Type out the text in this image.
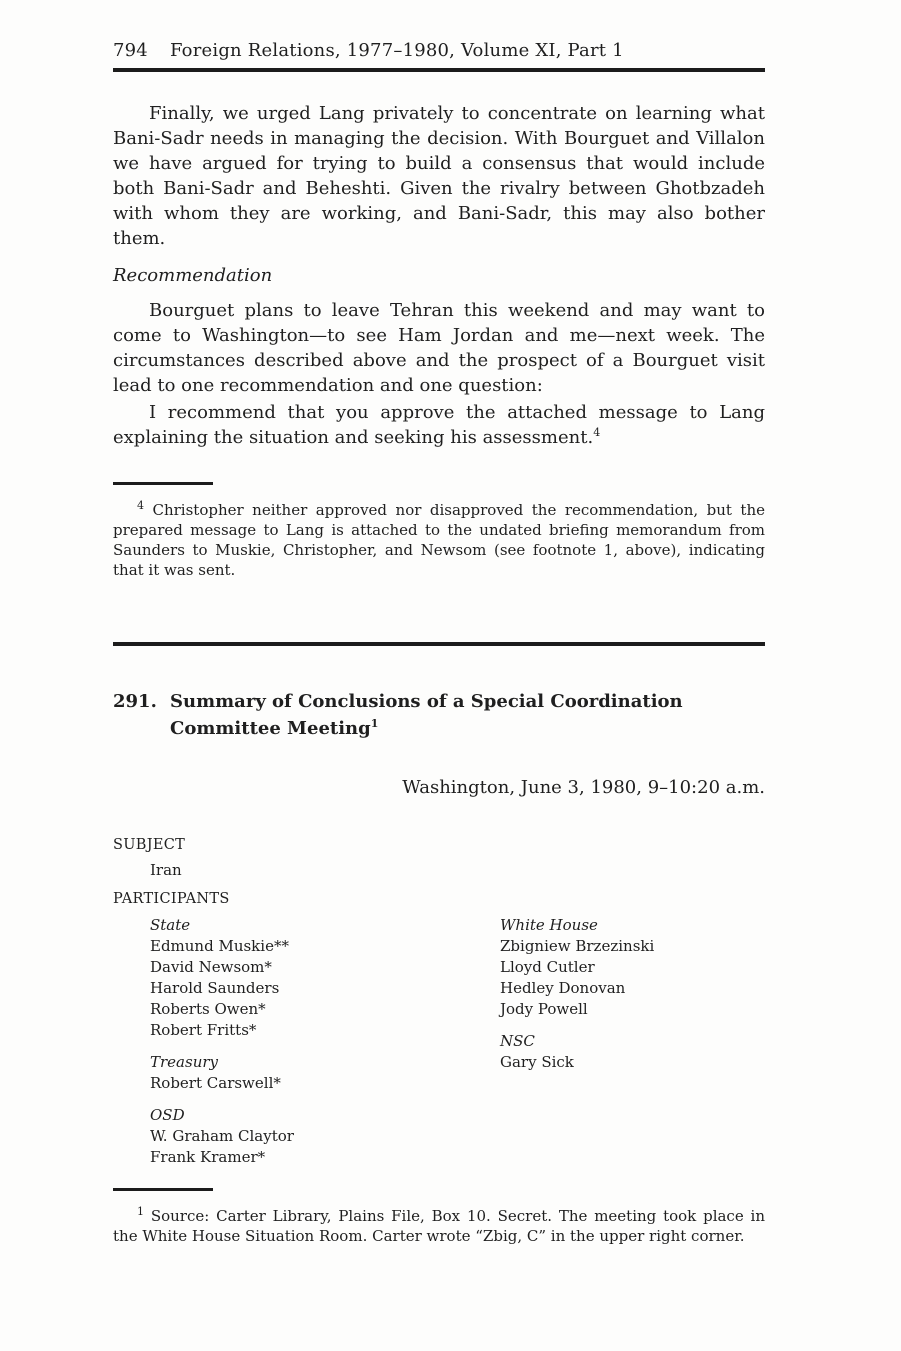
794 Foreign Relations, 1977–1980, Volume XI, Part 1

Finally, we urged Lang privately to concentrate on learning what Bani-Sadr needs in managing the decision. With Bourguet and Villalon we have argued for trying to build a consensus that would include both Bani-Sadr and Beheshti. Given the rivalry between Ghotbzadeh with whom they are working, and Bani-Sadr, this may also bother them.

Recommendation

Bourguet plans to leave Tehran this weekend and may want to come to Washington—to see Ham Jordan and me—next week. The circumstances described above and the prospect of a Bourguet visit lead to one recommendation and one question:

I recommend that you approve the attached message to Lang explaining the situation and seeking his assessment.$^4$

$^4$ Christopher neither approved nor disapproved the recommendation, but the prepared message to Lang is attached to the undated briefing memorandum from Saunders to Muskie, Christopher, and Newsom (see footnote 1, above), indicating that it was sent.

291. Summary of Conclusions of a Special Coordination Committee Meeting$^1$

Washington, June 3, 1980, 9–10:20 a.m.

SUBJECT
Iran
PARTICIPANTS
State
Edmund Muskie**
David Newsom*
Harold Saunders
Roberts Owen*
Robert Fritts*
Treasury
Robert Carswell*
OSD
W. Graham Claytor
Frank Kramer*
White House
Zbigniew Brzezinski
Lloyd Cutler
Hedley Donovan
Jody Powell
NSC
Gary Sick

$^1$ Source: Carter Library, Plains File, Box 10. Secret. The meeting took place in the White House Situation Room. Carter wrote “Zbig, C” in the upper right corner.
